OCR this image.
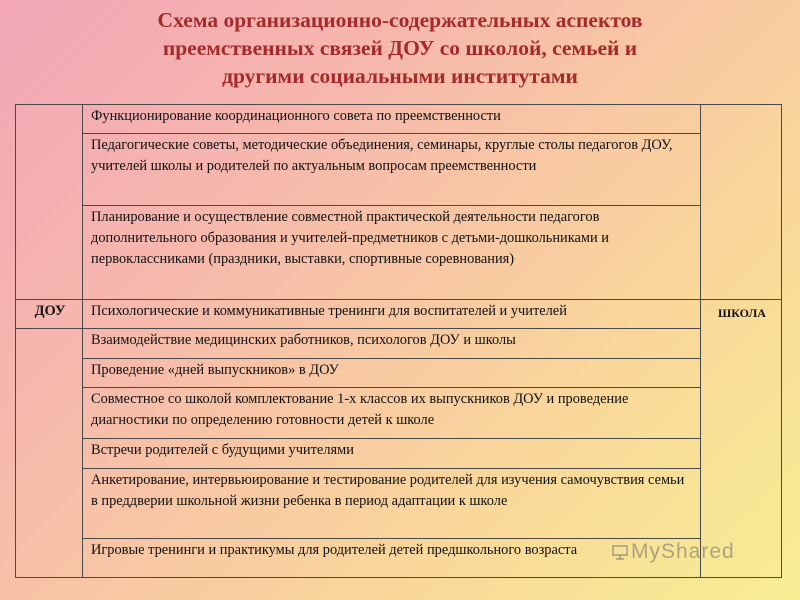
Схема организационно-содержательных аспектов
преемственных связей ДОУ со школой, семьей и
другими социальными институтами
	Функционирование координационного совета по преемственности	
	Педагогические советы, методические объединения, семинары, круглые столы педагогов ДОУ, учителей школы и родителей по актуальным вопросам преемственности	
	Планирование и осуществление совместной практической деятельности педагогов дополнительного образования и учителей-предметников с детьми-дошкольниками и первоклассниками (праздники, выставки, спортивные соревнования)	
ДОУ	Психологические и коммуникативные тренинги для воспитателей и учителей	ШКОЛА
	Взаимодействие медицинских работников, психологов ДОУ и школы	
	Проведение «дней выпускников» в ДОУ	
	Совместное со школой комплектование 1-х классов их выпускников ДОУ и проведение диагностики по определению готовности детей к школе	
	Встречи родителей с будущими учителями	
	Анкетирование, интервьюирование и тестирование родителей для изучения самочувствия семьи в преддверии школьной жизни ребенка в период адаптации к школе	
	Игровые тренинги и практикумы для родителей детей предшкольного возраста		MyShared
